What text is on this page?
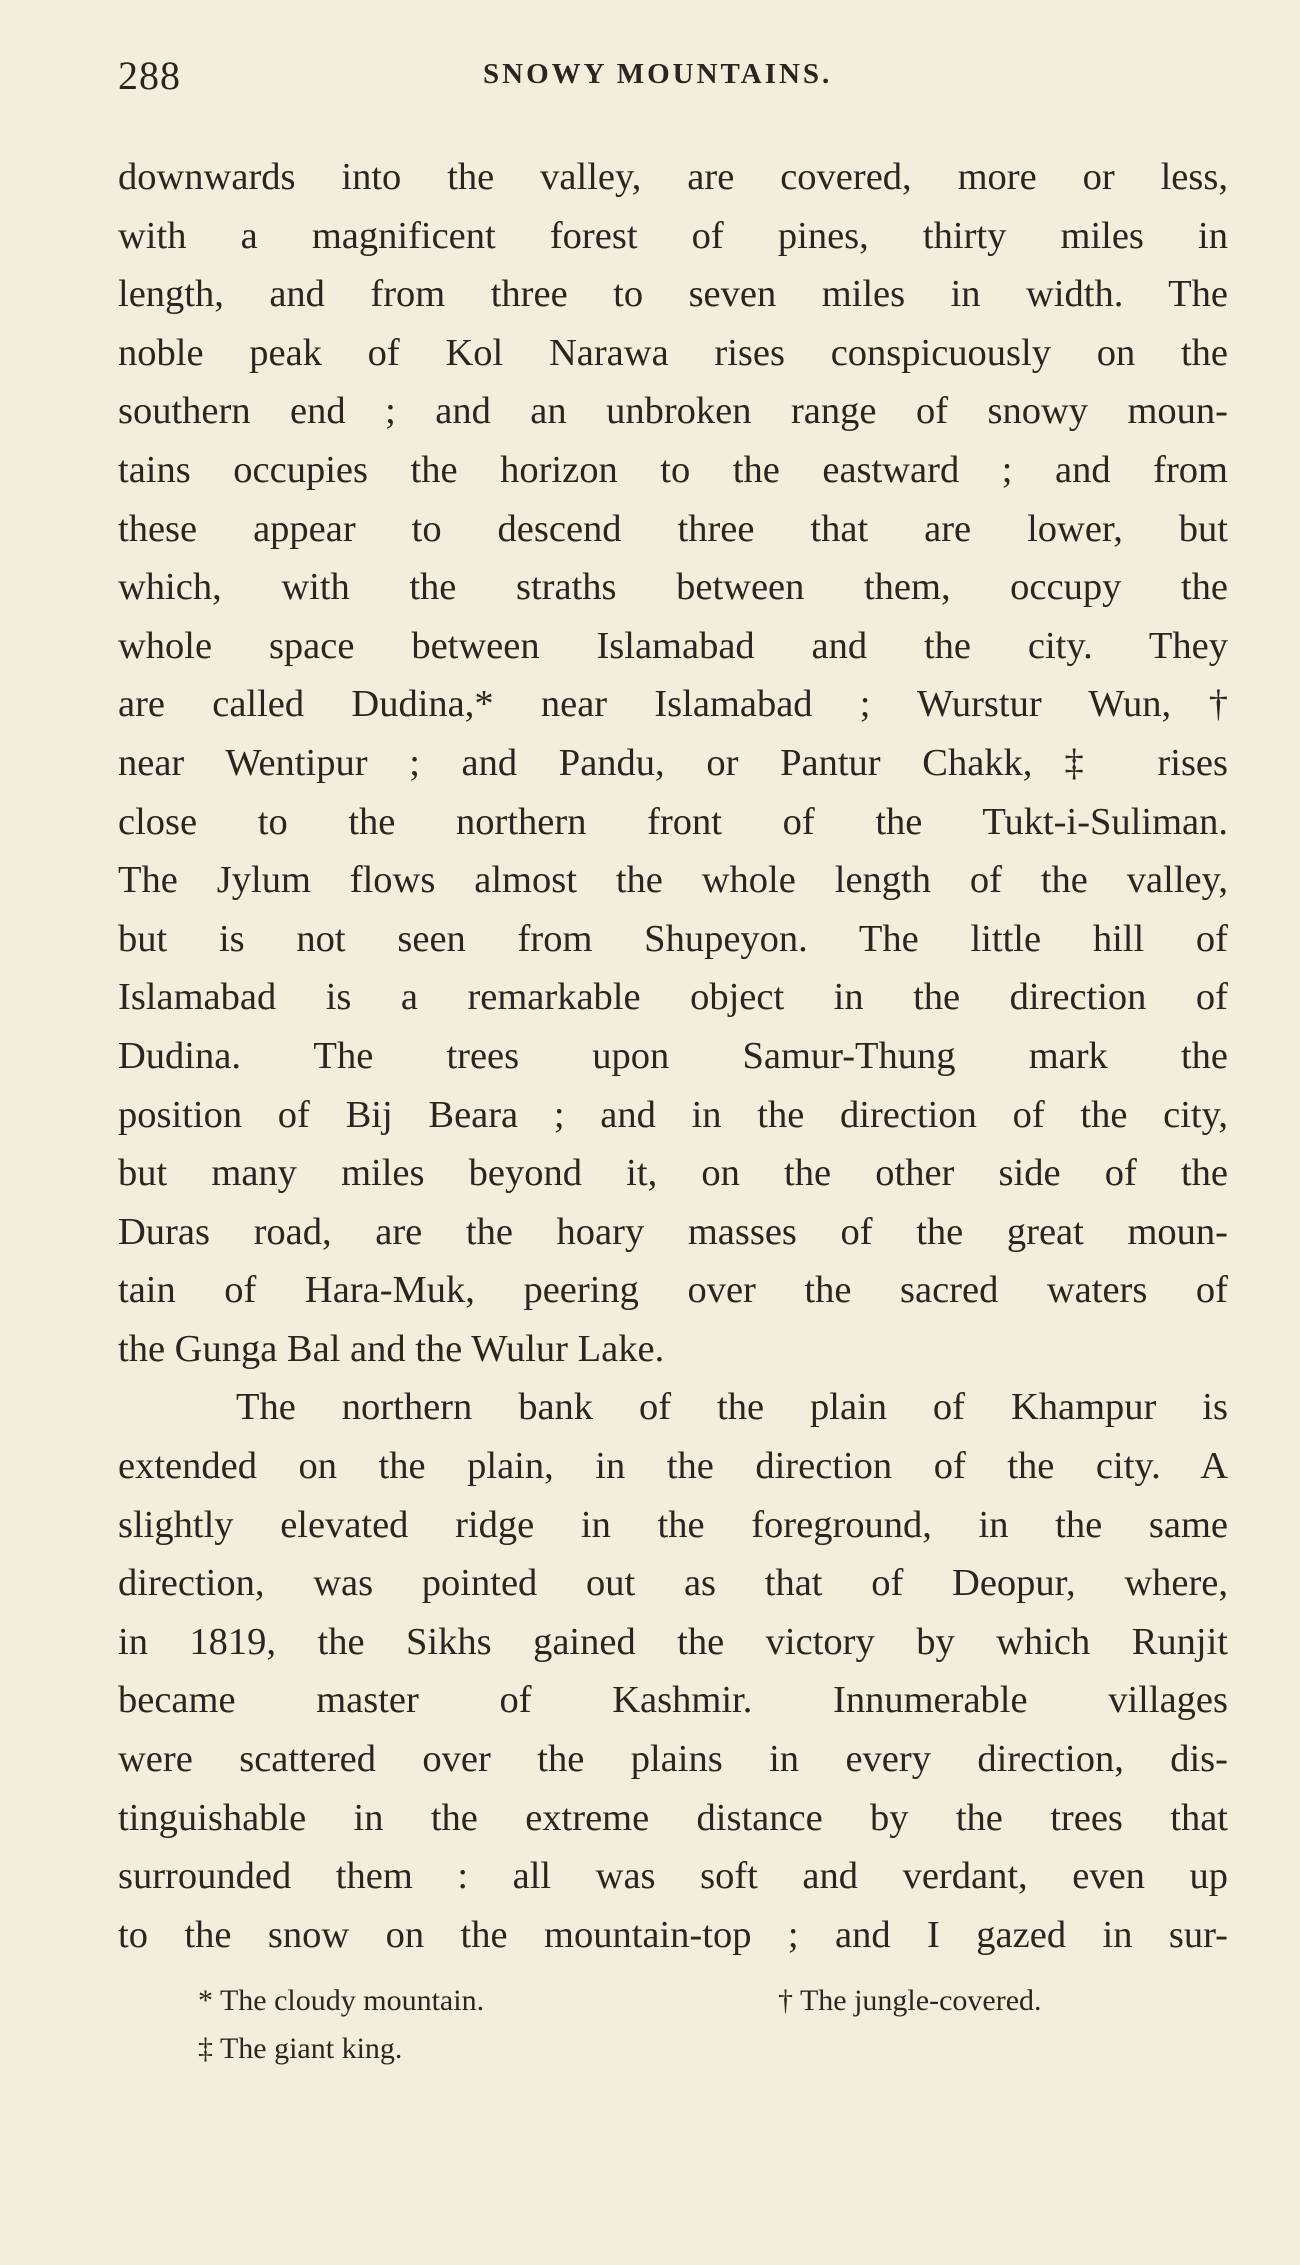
288	SNOWY MOUNTAINS.
downwards into the valley, are covered, more or less,
with a magnificent forest of pines, thirty miles in
length, and from three to seven miles in width. The
noble peak of Kol Narawa rises conspicuously on the
southern end ; and an unbroken range of snowy moun-
tains occupies the horizon to the eastward ; and from
these appear to descend three that are lower, but
which, with the straths between them, occupy the
whole space between Islamabad and the city. They
are called Dudina,* near Islamabad ; Wurstur Wun,†
near Wentipur ; and Pandu, or Pantur Chakk,‡ rises
close to the northern front of the Tukt-i-Suliman.
The Jylum flows almost the whole length of the valley,
but is not seen from Shupeyon. The little hill of
Islamabad is a remarkable object in the direction of
Dudina. The trees upon Samur-Thung mark the
position of Bij Beara ; and in the direction of the city,
but many miles beyond it, on the other side of the
Duras road, are the hoary masses of the great moun-
tain of Hara-Muk, peering over the sacred waters of
the Gunga Bal and the Wulur Lake.
The northern bank of the plain of Khampur is
extended on the plain, in the direction of the city. A
slightly elevated ridge in the foreground, in the same
direction, was pointed out as that of Deopur, where,
in 1819, the Sikhs gained the victory by which Runjit
became master of Kashmir. Innumerable villages
were scattered over the plains in every direction, dis-
tinguishable in the extreme distance by the trees that
surrounded them : all was soft and verdant, even up
to the snow on the mountain-top ; and I gazed in sur-
* The cloudy mountain.	† The jungle-covered.
‡ The giant king.
